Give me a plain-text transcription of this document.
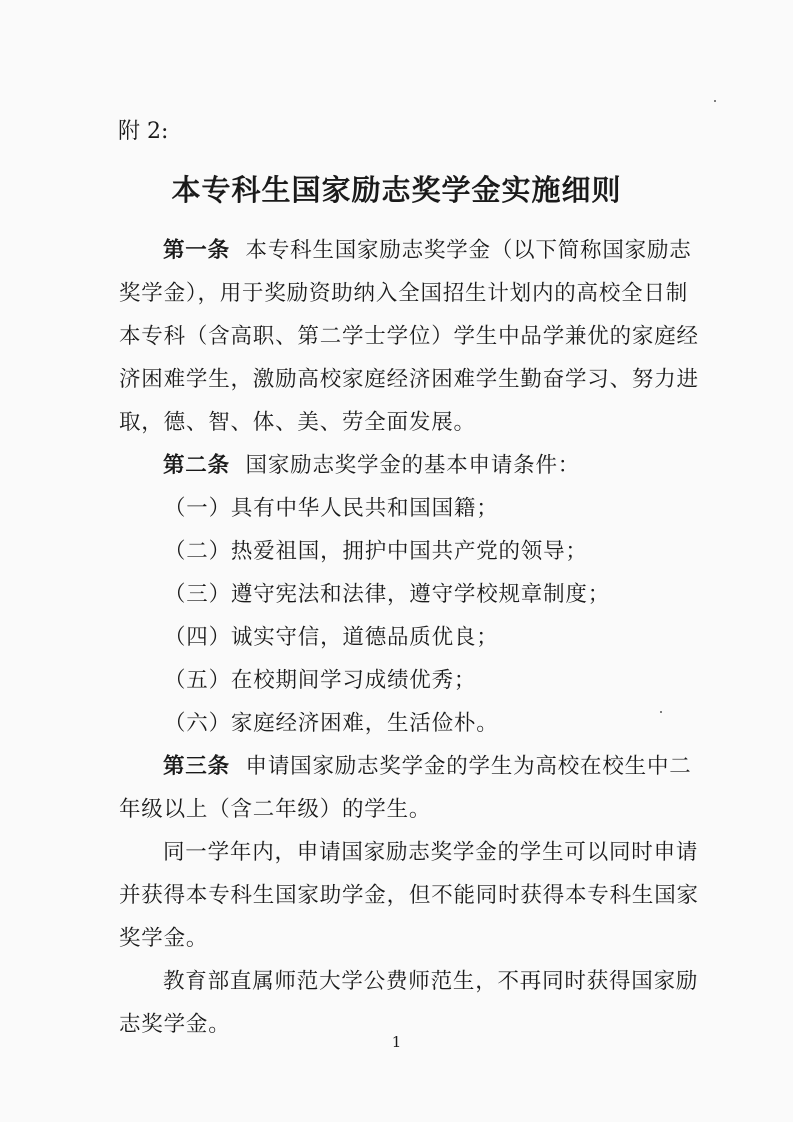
附 2:
本专科生国家励志奖学金实施细则
第一条 本专科生国家励志奖学金（以下简称国家励志
奖学金），用于奖励资助纳入全国招生计划内的高校全日制
本专科（含高职、第二学士学位）学生中品学兼优的家庭经
济困难学生，激励高校家庭经济困难学生勤奋学习、努力进
取，德、智、体、美、劳全面发展。
第二条 国家励志奖学金的基本申请条件：
（一）具有中华人民共和国国籍；
（二）热爱祖国，拥护中国共产党的领导；
（三）遵守宪法和法律，遵守学校规章制度；
（四）诚实守信，道德品质优良；
（五）在校期间学习成绩优秀；
（六）家庭经济困难，生活俭朴。
第三条 申请国家励志奖学金的学生为高校在校生中二
年级以上（含二年级）的学生。
同一学年内，申请国家励志奖学金的学生可以同时申请
并获得本专科生国家助学金，但不能同时获得本专科生国家
奖学金。
教育部直属师范大学公费师范生，不再同时获得国家励
志奖学金。
1
